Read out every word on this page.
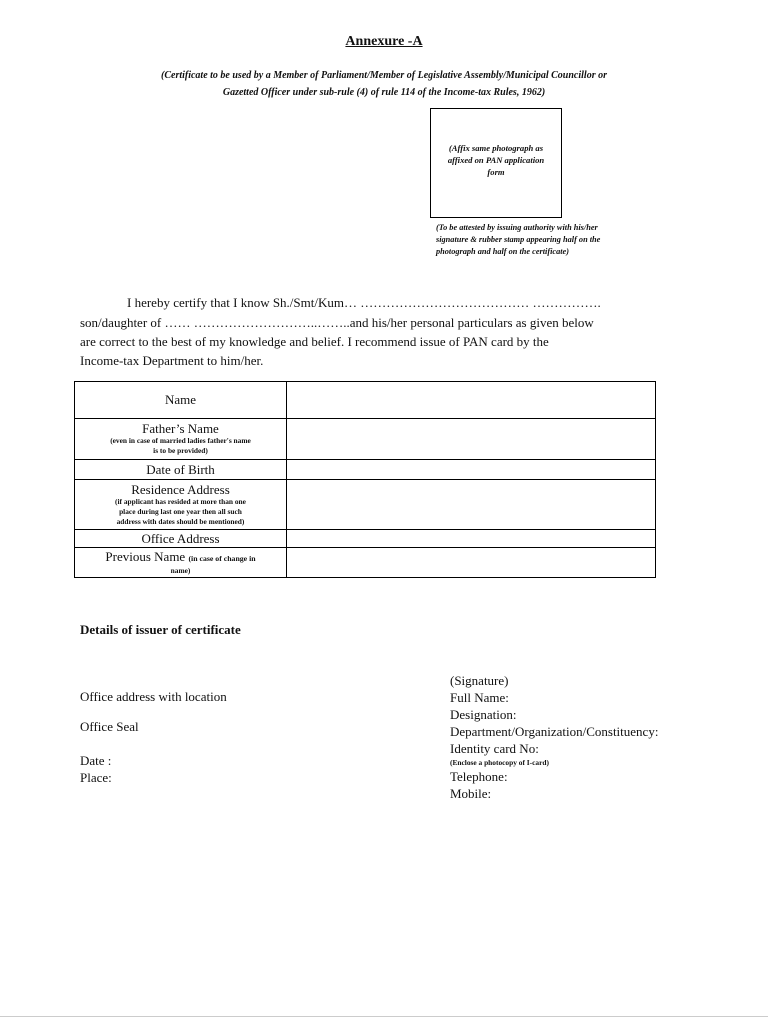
Annexure -A
(Certificate to be used by a Member of Parliament/Member of Legislative Assembly/Municipal Councillor or
Gazetted Officer under sub-rule (4) of rule 114 of the Income-tax Rules, 1962)
(Affix same photograph as
affixed on PAN application
form
(To be attested by issuing authority with his/her
signature & rubber stamp appearing half on the
photograph and half on the certificate)
I hereby certify that I know Sh./Smt/Kum… ………………………………… …………….
son/daughter of …… ………………………..……..and his/her personal particulars as given below
are correct to the best of my knowledge and belief. I recommend issue of PAN card by the
Income-tax Department to him/her.
Name	

Father’s Name
(even in case of married ladies father's name
is to be provided)	

Date of Birth	

Residence Address
(if applicant has resided at more than one
place during last one year then all such
address with dates should be mentioned)	

Office Address	

Previous Name (in case of change in
name)	

Details of issuer of certificate
Office address with location
Office Seal
Date :
Place:
(Signature)
Full Name:
Designation:
Department/Organization/Constituency:
Identity card No:
(Enclose a photocopy of I-card)
Telephone:
Mobile:
